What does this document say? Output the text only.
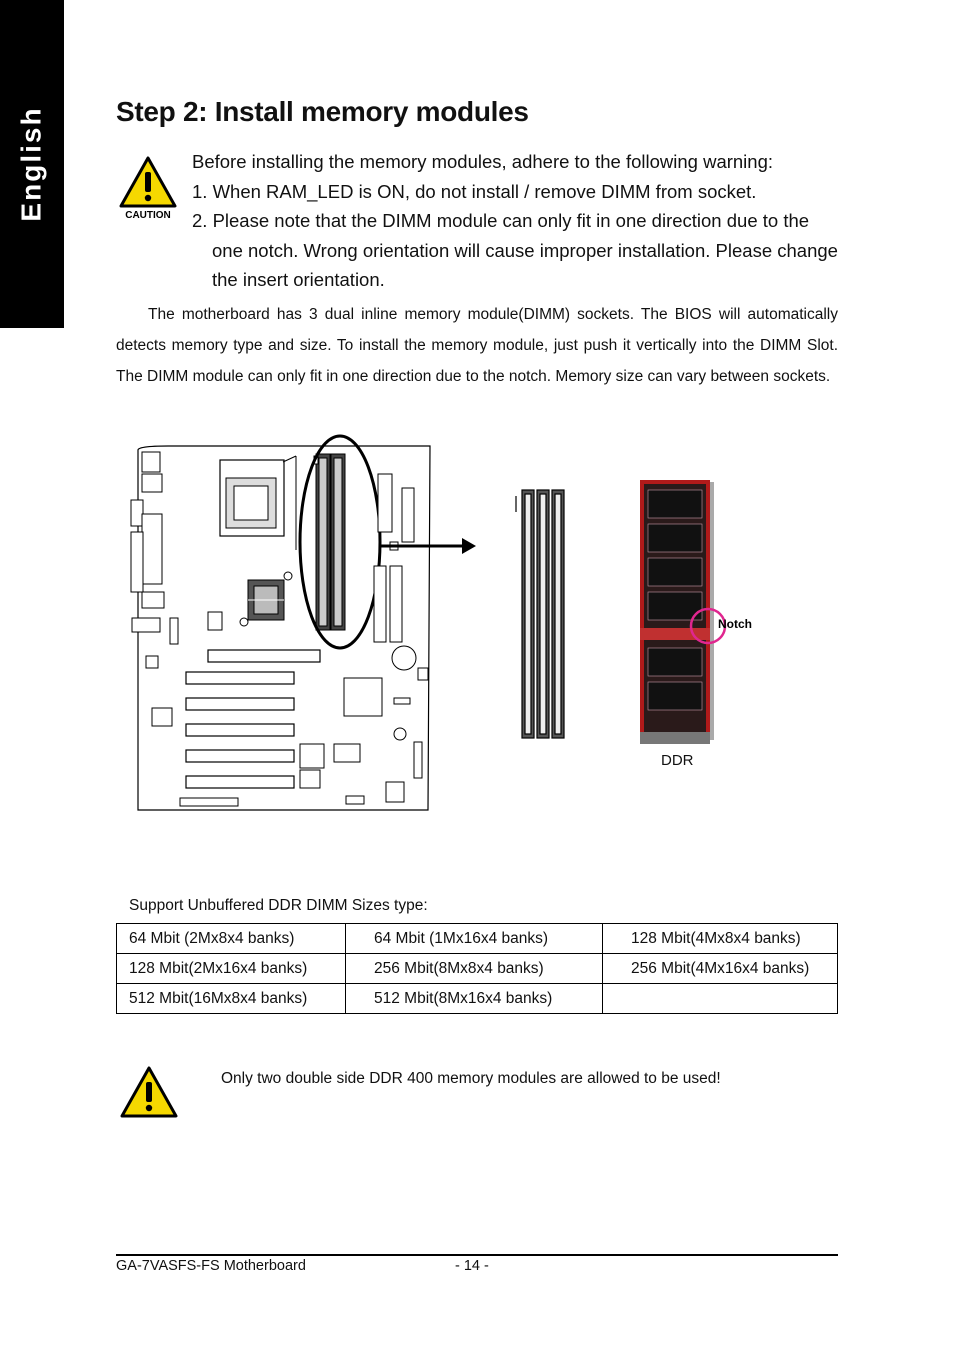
English Step 2: Install memory modules
CAUTION
Before installing the memory modules, adhere to the following warning:
1. When RAM_LED is ON, do not install / remove DIMM from socket.
2. Please note that the DIMM module can only fit in one direction due to the one notch. Wrong orientation will cause improper installation. Please change the insert orientation.
The motherboard has 3 dual inline memory module(DIMM) sockets. The BIOS will automatically detects memory type and size. To install the memory module, just push it vertically into the DIMM Slot. The DIMM module can only fit in one direction due to the notch. Memory size can vary between sockets.
Notch
DDR
Support Unbuffered DDR DIMM Sizes type:
64 Mbit (2Mx8x4 banks)	64 Mbit (1Mx16x4 banks)	128 Mbit(4Mx8x4 banks)
128 Mbit(2Mx16x4 banks)	256 Mbit(8Mx8x4 banks)	256 Mbit(4Mx16x4 banks)
512 Mbit(16Mx8x4 banks)	512 Mbit(8Mx16x4 banks)	
Only two double side DDR 400 memory modules are allowed to be used!
GA-7VASFS-FS Motherboard	- 14 -
